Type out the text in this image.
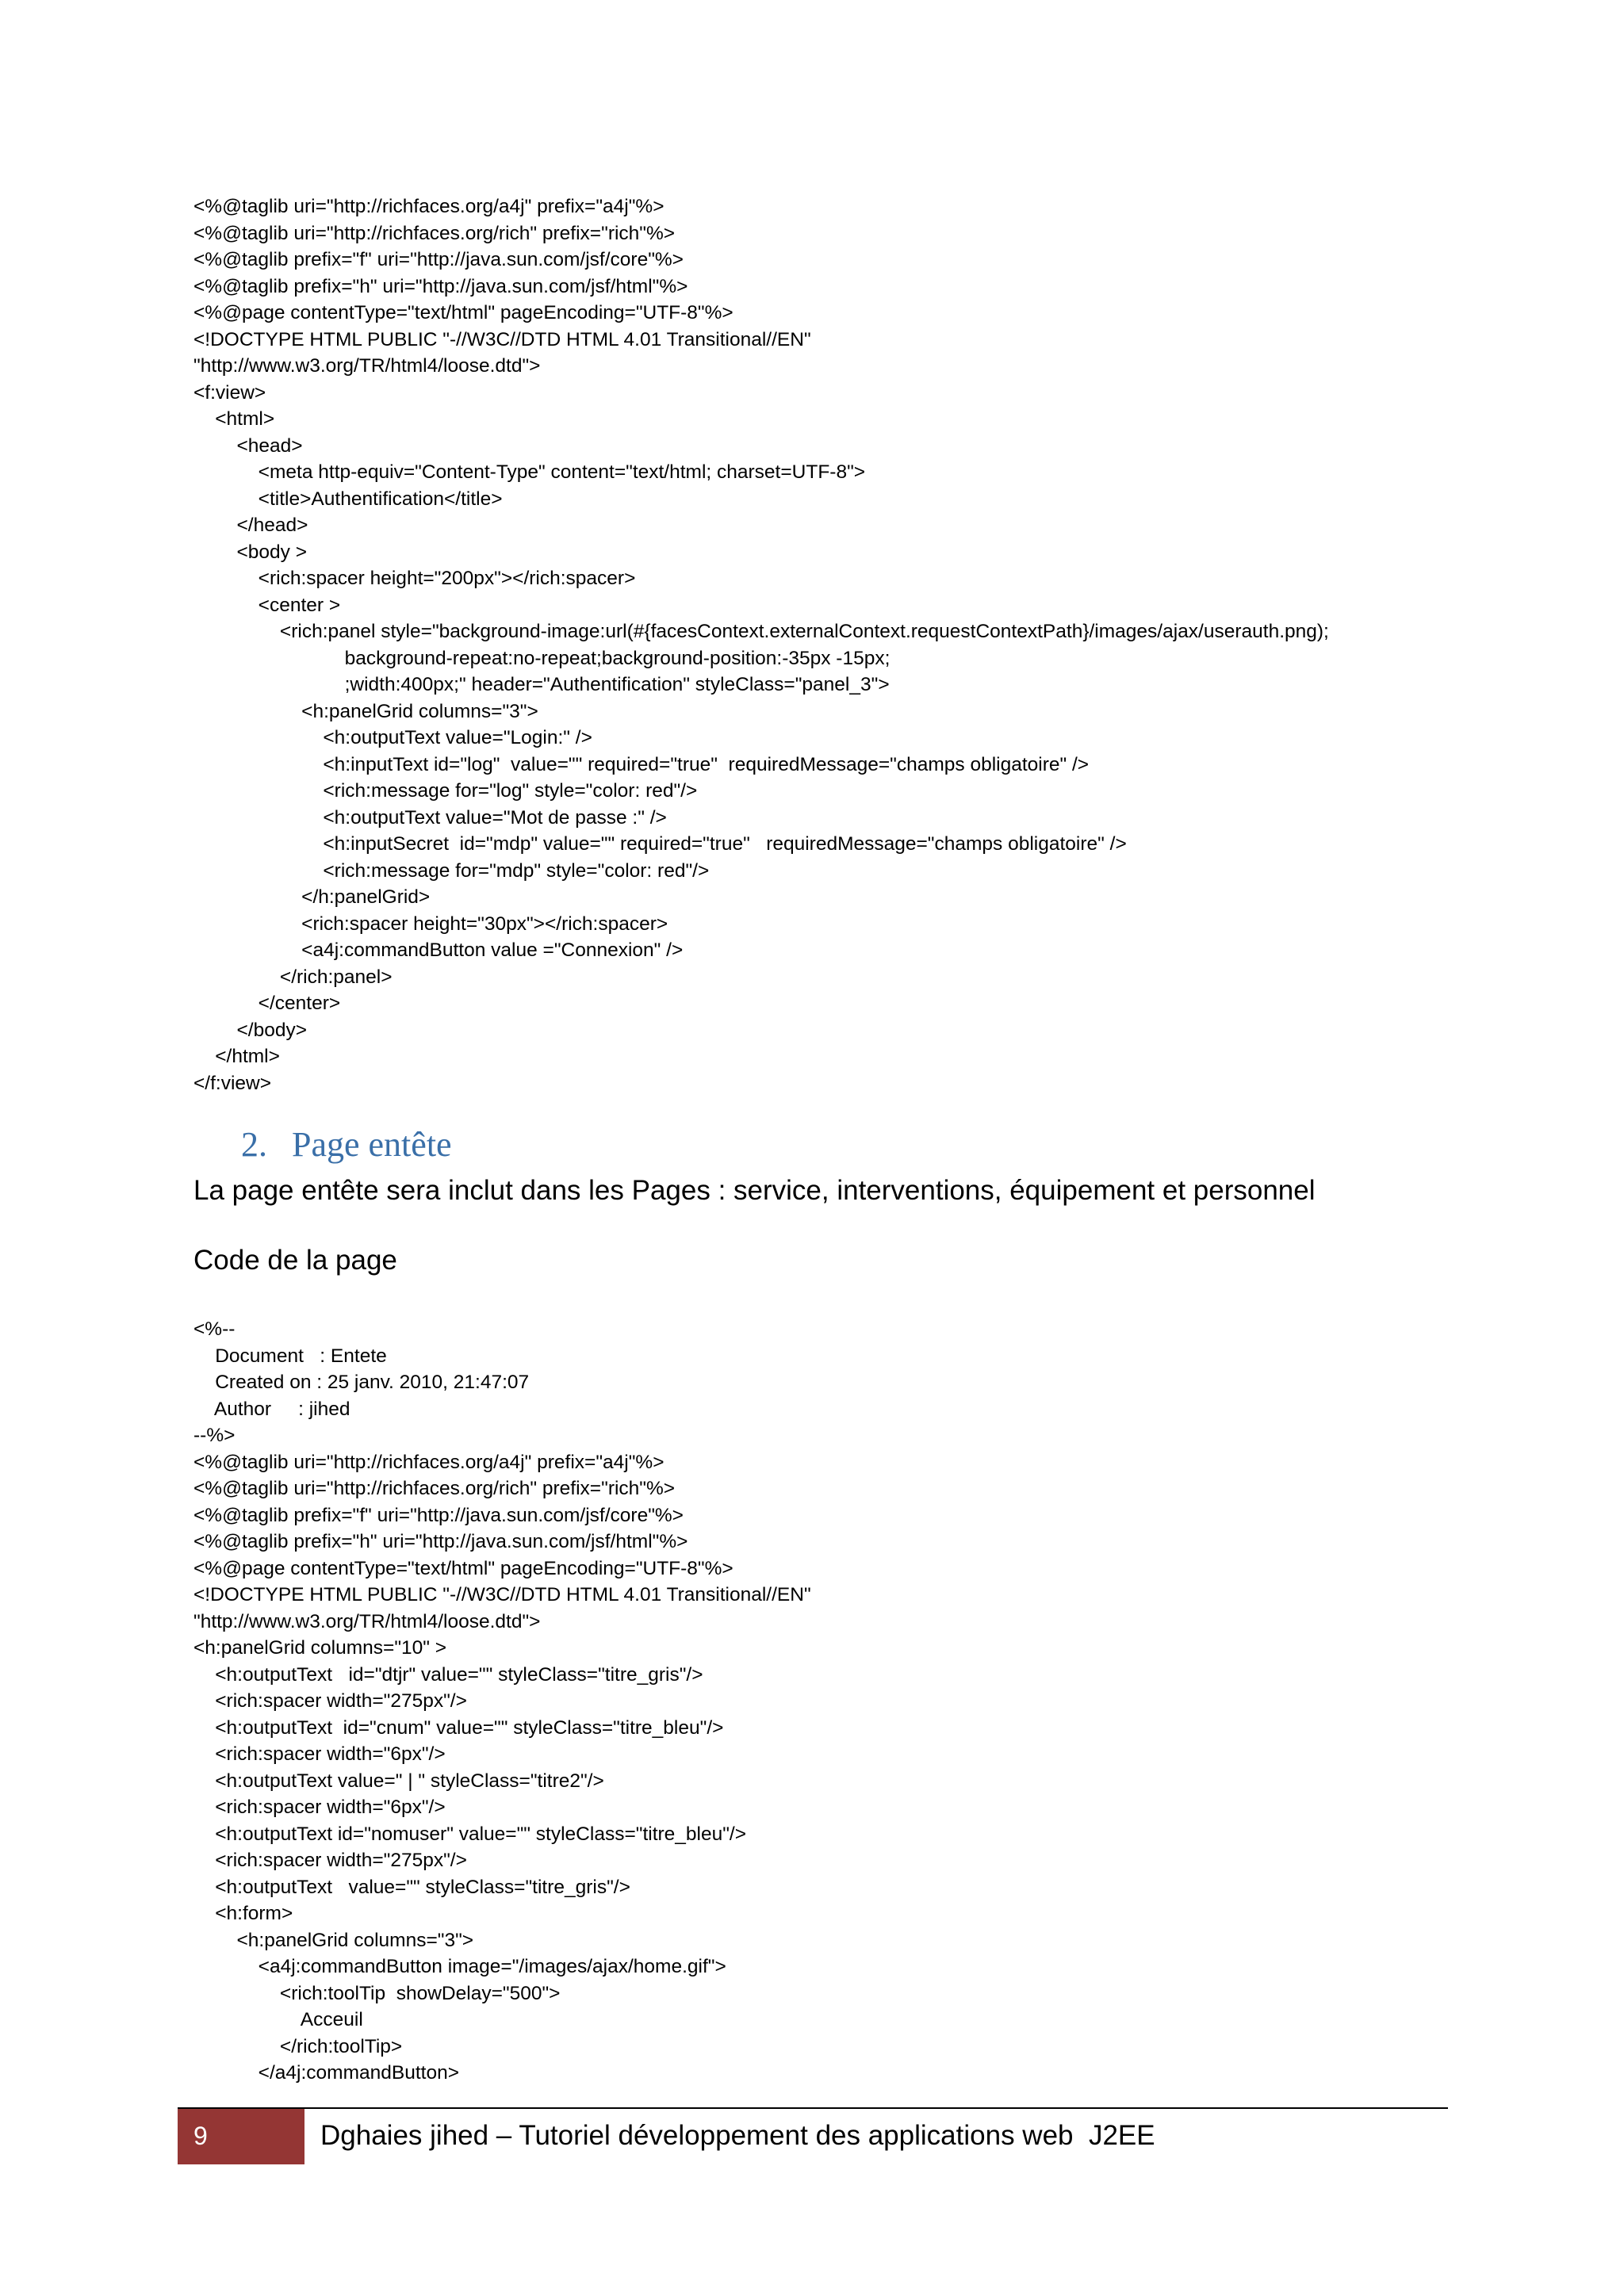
<%@taglib uri="http://richfaces.org/a4j" prefix="a4j"%>
<%@taglib uri="http://richfaces.org/rich" prefix="rich"%>
<%@taglib prefix="f" uri="http://java.sun.com/jsf/core"%>
<%@taglib prefix="h" uri="http://java.sun.com/jsf/html"%>
<%@page contentType="text/html" pageEncoding="UTF-8"%>
<!DOCTYPE HTML PUBLIC "-//W3C//DTD HTML 4.01 Transitional//EN"
"http://www.w3.org/TR/html4/loose.dtd">
<f:view>
<html>
<head>
<meta http-equiv="Content-Type" content="text/html; charset=UTF-8">
<title>Authentification</title>
</head>
<body >
<rich:spacer height="200px"></rich:spacer>
<center >
<rich:panel style="background-image:url(#{facesContext.externalContext.requestContextPath}/images/ajax/userauth.png);
background-repeat:no-repeat;background-position:-35px -15px;
;width:400px;" header="Authentification" styleClass="panel_3">
<h:panelGrid columns="3">
<h:outputText value="Login:" />
<h:inputText id="log"  value="" required="true"  requiredMessage="champs obligatoire" />
<rich:message for="log" style="color: red"/>
<h:outputText value="Mot de passe :" />
<h:inputSecret  id="mdp" value="" required="true"   requiredMessage="champs obligatoire" />
<rich:message for="mdp" style="color: red"/>
</h:panelGrid>
<rich:spacer height="30px"></rich:spacer>
<a4j:commandButton value ="Connexion" />
</rich:panel>
</center>
</body>
</html>
</f:view>
2. Page entête
La page entête sera inclut dans les Pages : service, interventions, équipement et personnel
Code de la page
<%--
Document   : Entete
Created on : 25 janv. 2010, 21:47:07
Author     : jihed
--%>
<%@taglib uri="http://richfaces.org/a4j" prefix="a4j"%>
<%@taglib uri="http://richfaces.org/rich" prefix="rich"%>
<%@taglib prefix="f" uri="http://java.sun.com/jsf/core"%>
<%@taglib prefix="h" uri="http://java.sun.com/jsf/html"%>
<%@page contentType="text/html" pageEncoding="UTF-8"%>
<!DOCTYPE HTML PUBLIC "-//W3C//DTD HTML 4.01 Transitional//EN"
"http://www.w3.org/TR/html4/loose.dtd">
<h:panelGrid columns="10" >
<h:outputText   id="dtjr" value="" styleClass="titre_gris"/>
<rich:spacer width="275px"/>
<h:outputText  id="cnum" value="" styleClass="titre_bleu"/>
<rich:spacer width="6px"/>
<h:outputText value=" | " styleClass="titre2"/>
<rich:spacer width="6px"/>
<h:outputText id="nomuser" value="" styleClass="titre_bleu"/>
<rich:spacer width="275px"/>
<h:outputText   value="" styleClass="titre_gris"/>
<h:form>
<h:panelGrid columns="3">
<a4j:commandButton image="/images/ajax/home.gif">
<rich:toolTip  showDelay="500">
Acceuil
</rich:toolTip>
</a4j:commandButton>
9	Dghaies jihed – Tutoriel développement des applications web  J2EE
